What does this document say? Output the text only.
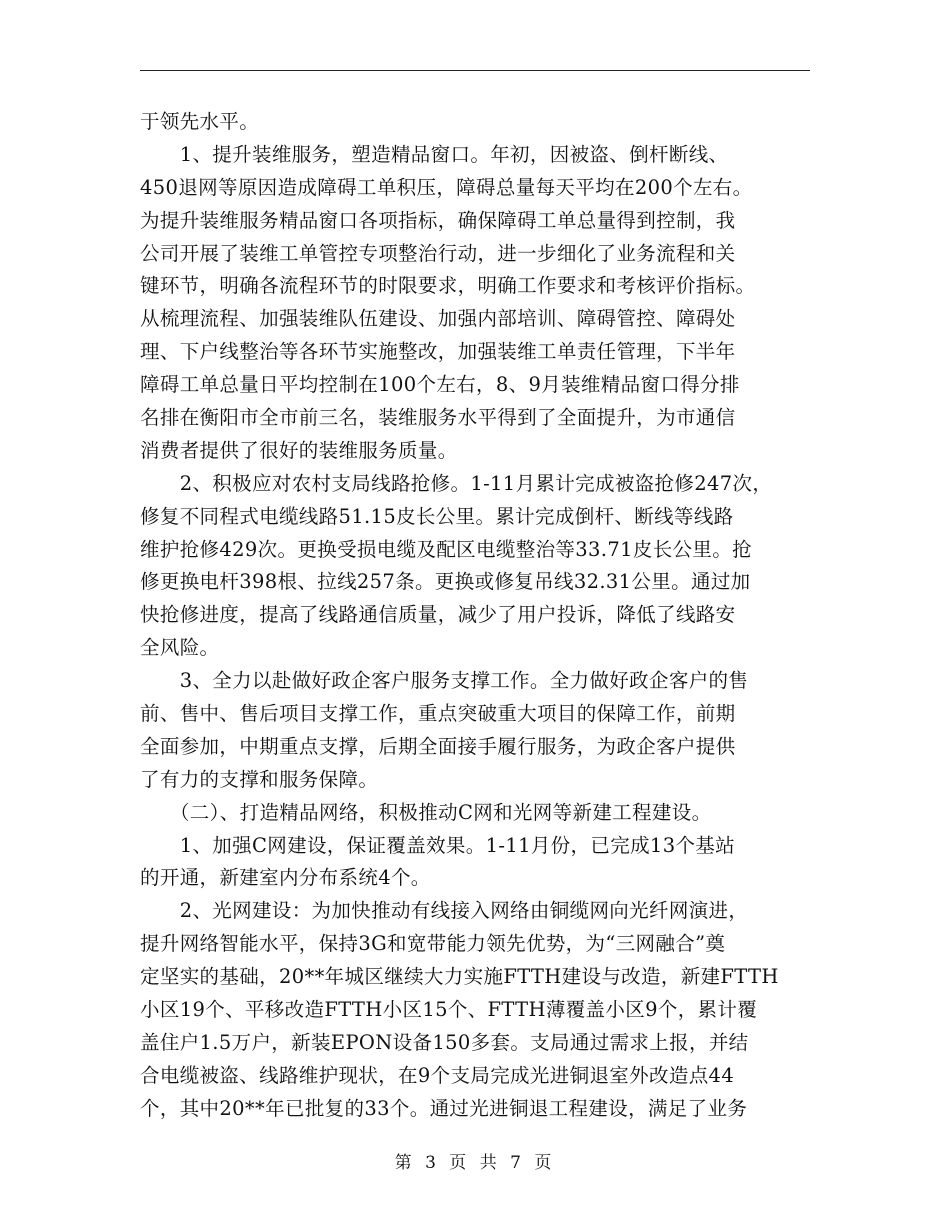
于领先水平。
　　1、提升装维服务，塑造精品窗口。年初，因被盗、倒杆断线、
450退网等原因造成障碍工单积压，障碍总量每天平均在200个左右。
为提升装维服务精品窗口各项指标，确保障碍工单总量得到控制，我
公司开展了装维工单管控专项整治行动，进一步细化了业务流程和关
键环节，明确各流程环节的时限要求，明确工作要求和考核评价指标。
从梳理流程、加强装维队伍建设、加强内部培训、障碍管控、障碍处
理、下户线整治等各环节实施整改，加强装维工单责任管理，下半年
障碍工单总量日平均控制在100个左右，8、9月装维精品窗口得分排
名排在衡阳市全市前三名，装维服务水平得到了全面提升，为市通信
消费者提供了很好的装维服务质量。
　　2、积极应对农村支局线路抢修。1-11月累计完成被盗抢修247次，
修复不同程式电缆线路51.15皮长公里。累计完成倒杆、断线等线路
维护抢修429次。更换受损电缆及配区电缆整治等33.71皮长公里。抢
修更换电杆398根、拉线257条。更换或修复吊线32.31公里。通过加
快抢修进度，提高了线路通信质量，减少了用户投诉，降低了线路安
全风险。
　　3、全力以赴做好政企客户服务支撑工作。全力做好政企客户的售
前、售中、售后项目支撑工作，重点突破重大项目的保障工作，前期
全面参加，中期重点支撑，后期全面接手履行服务，为政企客户提供
了有力的支撑和服务保障。
　　（二）、打造精品网络，积极推动C网和光网等新建工程建设。
　　1、加强C网建设，保证覆盖效果。1-11月份，已完成13个基站
的开通，新建室内分布系统4个。
　　2、光网建设：为加快推动有线接入网络由铜缆网向光纤网演进，
提升网络智能水平，保持3G和宽带能力领先优势，为“三网融合”奠
定坚实的基础，20**年城区继续大力实施FTTH建设与改造，新建FTTH
小区19个、平移改造FTTH小区15个、FTTH薄覆盖小区9个，累计覆
盖住户1.5万户，新装EPON设备150多套。支局通过需求上报，并结
合电缆被盗、线路维护现状，在9个支局完成光进铜退室外改造点44
个，其中20**年已批复的33个。通过光进铜退工程建设，满足了业务
第 3 页 共 7 页
